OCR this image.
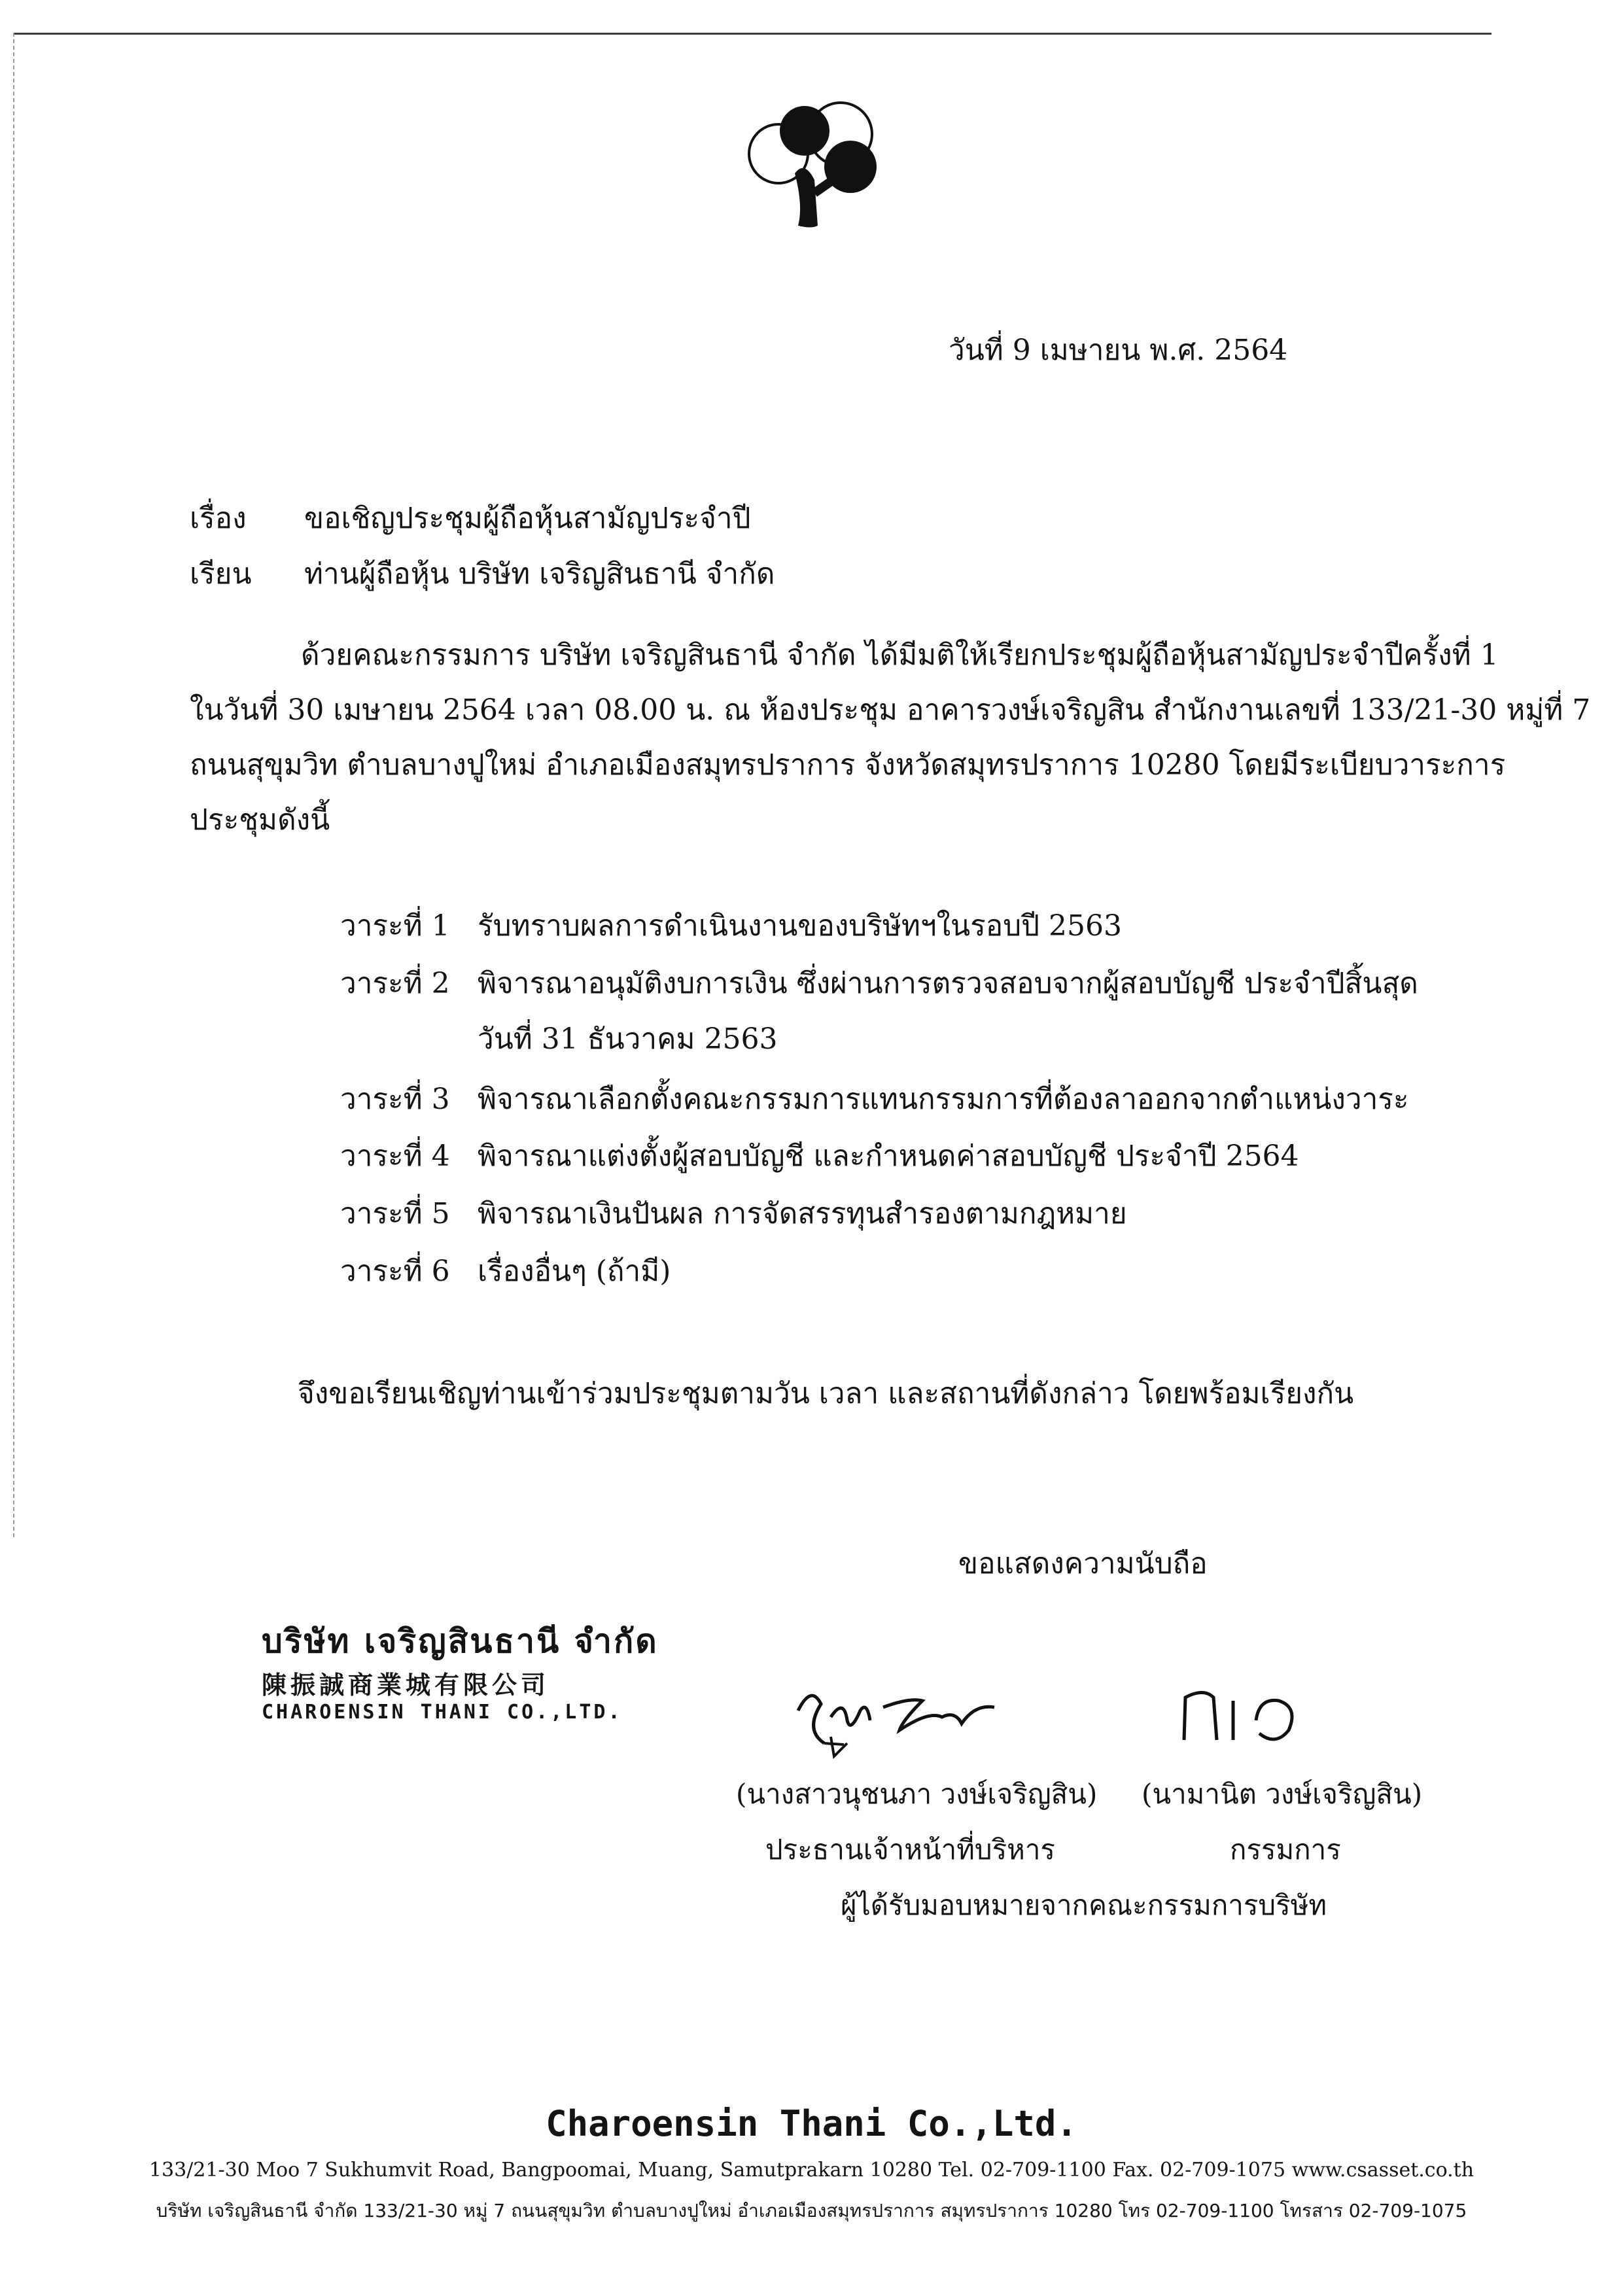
วันที่ 9 เมษายน พ.ศ. 2564
เรื่อง ขอเชิญประชุมผู้ถือหุ้นสามัญประจำปี
เรียน ท่านผู้ถือหุ้น บริษัท เจริญสินธานี จำกัด
ด้วยคณะกรรมการ บริษัท เจริญสินธานี จำกัด ได้มีมติให้เรียกประชุมผู้ถือหุ้นสามัญประจำปีครั้งที่ 1
ในวันที่ 30 เมษายน 2564 เวลา 08.00 น. ณ ห้องประชุม อาคารวงษ์เจริญสิน สำนักงานเลขที่ 133/21-30 หมู่ที่ 7
ถนนสุขุมวิท ตำบลบางปูใหม่ อำเภอเมืองสมุทรปราการ จังหวัดสมุทรปราการ 10280 โดยมีระเบียบวาระการ
ประชุมดังนี้
วาระที่ 1 รับทราบผลการดำเนินงานของบริษัทฯในรอบปี 2563
วาระที่ 2 พิจารณาอนุมัติงบการเงิน ซึ่งผ่านการตรวจสอบจากผู้สอบบัญชี ประจำปีสิ้นสุด
วันที่ 31 ธันวาคม 2563
วาระที่ 3 พิจารณาเลือกตั้งคณะกรรมการแทนกรรมการที่ต้องลาออกจากตำแหน่งวาระ
วาระที่ 4 พิจารณาแต่งตั้งผู้สอบบัญชี และกำหนดค่าสอบบัญชี ประจำปี 2564
วาระที่ 5 พิจารณาเงินปันผล การจัดสรรทุนสำรองตามกฎหมาย
วาระที่ 6 เรื่องอื่นๆ (ถ้ามี)
จึงขอเรียนเชิญท่านเข้าร่วมประชุมตามวัน เวลา และสถานที่ดังกล่าว โดยพร้อมเรียงกัน
ขอแสดงความนับถือ
บริษัท เจริญสินธานี จำกัด
陳振誠商業城有限公司
CHAROENSIN THANI CO.,LTD.
(นางสาวนุชนภา วงษ์เจริญสิน) (นามานิต วงษ์เจริญสิน)
ประธานเจ้าหน้าที่บริหาร	กรรมการ
ผู้ได้รับมอบหมายจากคณะกรรมการบริษัท
Charoensin Thani Co.,Ltd.
133/21-30 Moo 7 Sukhumvit Road, Bangpoomai, Muang, Samutprakarn 10280 Tel. 02-709-1100 Fax. 02-709-1075 www.csasset.co.th
บริษัท เจริญสินธานี จำกัด 133/21-30 หมู่ 7 ถนนสุขุมวิท ตำบลบางปูใหม่ อำเภอเมืองสมุทรปราการ สมุทรปราการ 10280 โทร 02-709-1100 โทรสาร 02-709-1075
